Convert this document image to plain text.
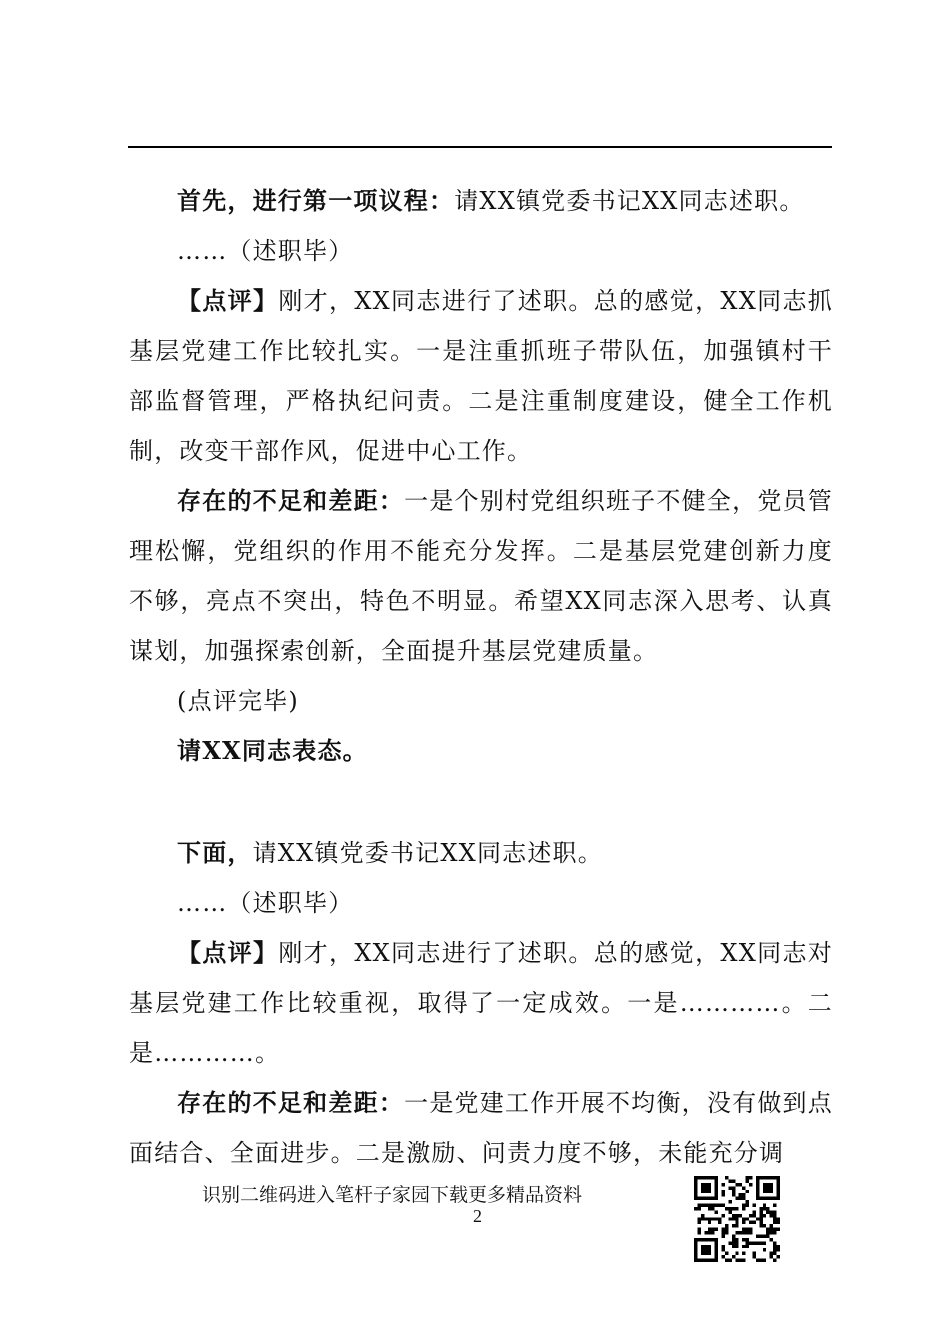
首先，进行第一项议程：请XX镇党委书记XX同志述职。

……（述职毕）

【点评】刚才，XX同志进行了述职。总的感觉，XX同志抓基层党建工作比较扎实。一是注重抓班子带队伍，加强镇村干部监督管理，严格执纪问责。二是注重制度建设，健全工作机制，改变干部作风，促进中心工作。

存在的不足和差距：一是个别村党组织班子不健全，党员管理松懈，党组织的作用不能充分发挥。二是基层党建创新力度不够，亮点不突出，特色不明显。希望XX同志深入思考、认真谋划，加强探索创新，全面提升基层党建质量。

(点评完毕)

请XX同志表态。

下面，请XX镇党委书记XX同志述职。

……（述职毕）

【点评】刚才，XX同志进行了述职。总的感觉，XX同志对基层党建工作比较重视，取得了一定成效。一是…………。二是…………。

存在的不足和差距：一是党建工作开展不均衡，没有做到点面结合、全面进步。二是激励、问责力度不够，未能充分调

识别二维码进入笔杆子家园下载更多精品资料
2
